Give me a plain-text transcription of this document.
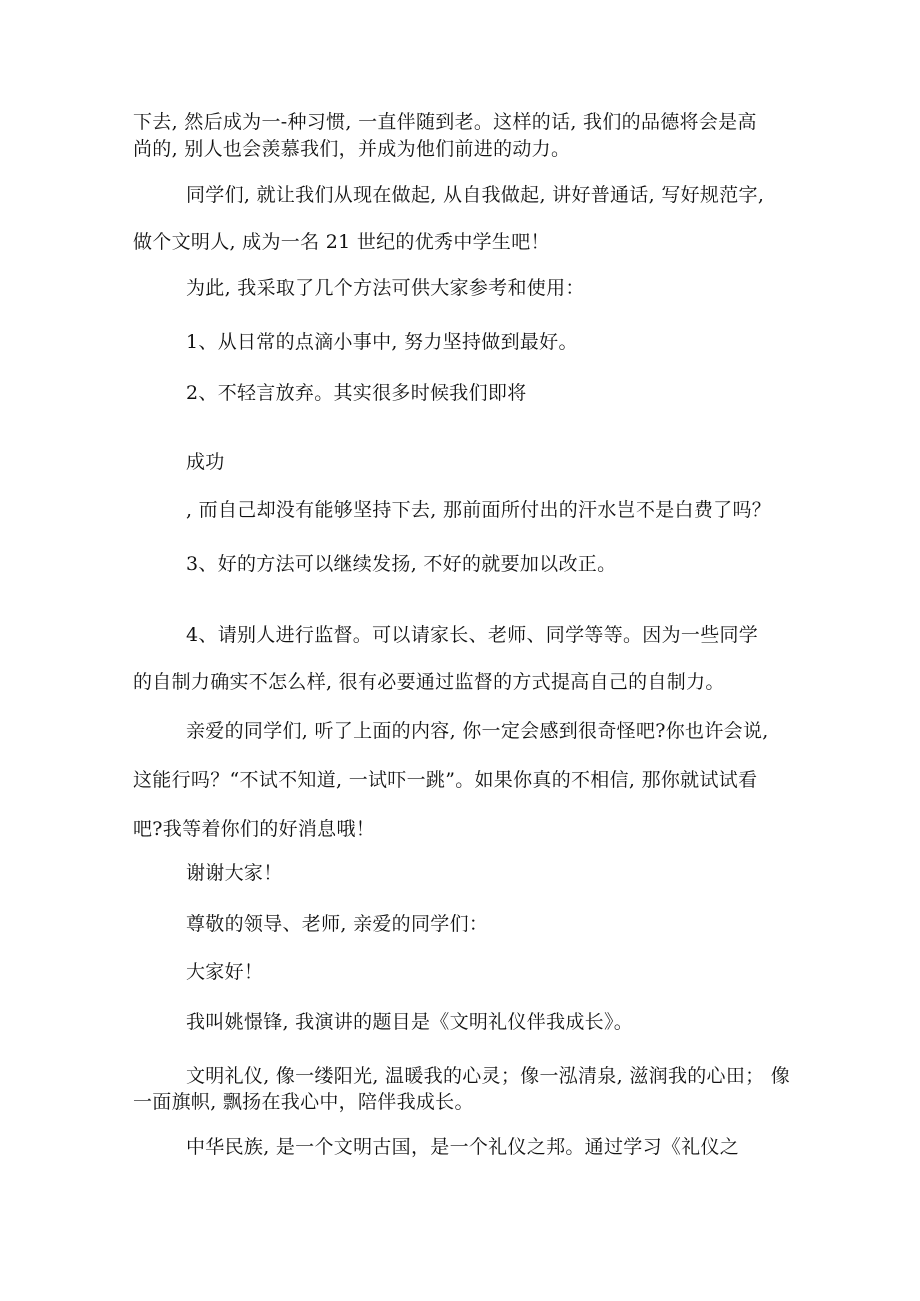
下去, 然后成为一-种习惯, 一直伴随到老。这样的话, 我们的品德将会是高
尚的, 别人也会羡慕我们，并成为他们前进的动力。
同学们, 就让我们从现在做起, 从自我做起, 讲好普通话, 写好规范字,
做个文明人, 成为一名 21 世纪的优秀中学生吧！
为此, 我采取了几个方法可供大家参考和使用：
1、从日常的点滴小事中, 努力坚持做到最好。
2、不轻言放弃。其实很多时候我们即将
成功
, 而自己却没有能够坚持下去, 那前面所付出的汗水岂不是白费了吗？
3、好的方法可以继续发扬, 不好的就要加以改正。
4、请别人进行监督。可以请家长、老师、同学等等。因为一些同学
的自制力确实不怎么样, 很有必要通过监督的方式提高自己的自制力。
亲爱的同学们, 听了上面的内容, 你一定会感到很奇怪吧?你也许会说,
这能行吗？“不试不知道, 一试吓一跳”。如果你真的不相信, 那你就试试看
吧?我等着你们的好消息哦！
谢谢大家！
尊敬的领导、老师, 亲爱的同学们：
大家好！
我叫姚憬锋, 我演讲的题目是《文明礼仪伴我成长》。
文明礼仪, 像一缕阳光, 温暖我的心灵；像一泓清泉, 滋润我的心田； 像
一面旗帜, 飘扬在我心中，陪伴我成长。
中华民族, 是一个文明古国，是一个礼仪之邦。通过学习《礼仪之
